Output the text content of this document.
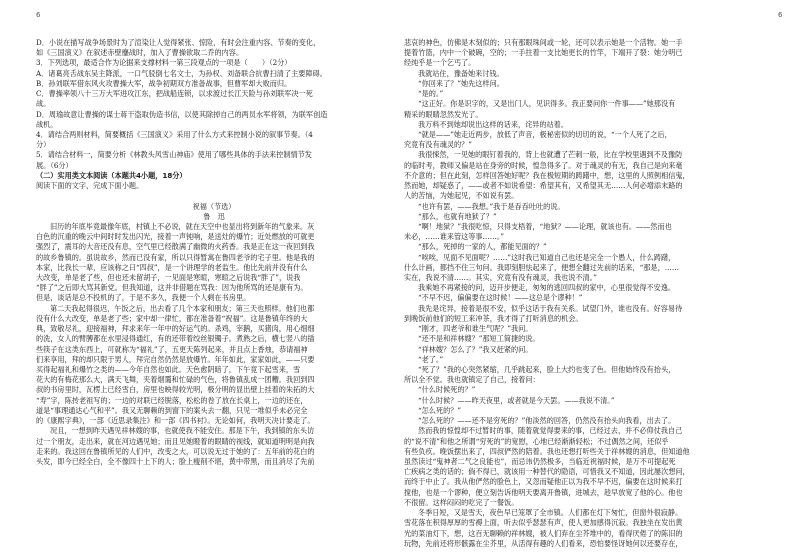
6	6
D．小说在描写战争场景时为了渲染让人觉得紧张、惊险，有时会注重内容、节奏的变化，
如《三国演义》在叙述赤壁鏖战时，加入了曹操欲取二乔的内容。
3．下列选项，最适合作为论据来支撑材料一第三段观点的一项是（　　）（2分）
A．诸葛亮舌战东吴主降派，一口气驳倒七名文士，为孙权、刘备联合抗曹扫清了主要障碍。
B．孙刘联军借东风火攻曹操大军，战争初期双方准备战事，但曹军却大败而归。
C．曹操率领八十三万大军进攻江东，把战船连锁，以求渡过长江天险与孙刘联军决一死
战。
D．周瑜故意让曹操的谋士蒋干盗取伪造书信，以使其除掉自己的两员水军将领，为联军创造
战机。
4．请结合两则材料，简要概括《三国演义》采用了什么方式来控制小说的叙事节奏。（4
分）
5．请结合材料一，简要分析《林教头风雪山神庙》使用了哪些具体的手法来控制情节发
展。（6分）
（二）实用类文本阅读（本题共4小题，18分）
阅读下面的文字，完成下面小题。
祝福（节选）
鲁　迅
旧历的年底毕竟最像年底，村镇上不必说，就在天空中也显出将到新年的气象来。灰
白色的沉重的晚云中间时时发出闪光，接着一声钝响，是送灶的爆竹；近处燃放的可就更
强烈了，震耳的大音还没有息，空气里已经散满了幽微的火药香。我是正在这一夜回到我
的故乡鲁镇的。虽说故乡，然而已没有家，所以只得暂寓在鲁四老爷的宅子里。他是我的
本家，比我长一辈，应该称之曰“四叔”，是一个讲理学的老监生。他比先前并没有什么
大改变，单是老了些，但也还未留胡子，一见面是寒暄，寒暄之后说我“胖了”，说我
“胖了”之后即大骂其新党。但我知道，这并非借题在骂我：因为他所骂的还是康有为。
但是，谈话是总不投机的了，于是不多久，我便一个人剩在书房里。
第二天我起得很迟，午饭之后，出去看了几个本家和朋友；第三天也照样。他们也都
没有什么大改变，单是老了些；家中却一律忙，都在准备着“祝福”。这是鲁镇年终的大
典，致敬尽礼，迎接福神，拜求来年一年中的好运气的。杀鸡，宰鹅，买猪肉，用心细细
的洗，女人的臂膊都在水里浸得通红，有的还带着绞丝银镯子。煮熟之后，横七竖八的插
些筷子在这类东西上，可就称为“福礼”了，五更天陈列起来，并且点上香烛，恭请福神
们来享用，拜的却只限于男人，拜完自然仍然是放爆竹。年年如此，家家如此，——只要
买得起福礼和爆竹之类的——今年自然也如此。天色愈阴暗了，下午竟下起雪来，雪
花大的有梅花那么大，满天飞舞，夹着烟霭和忙碌的气色，将鲁镇乱成一团糟。我回到四
叔的书房里时，瓦楞上已经雪白，房里也映得较光明，极分明的显出壁上挂着的朱拓的大
“寿”字，陈抟老祖写的；一边的对联已经脱落，松松的卷了放在长桌上，一边的还在，
道是“事理通达心气和平”。我又无聊赖的到窗下的案头去一翻，只见一堆似乎未必完全
的《康熙字典》，一部《近思录集注》和一部《四书衬》。无论如何，我明天决计要走了。
况且，一想到昨天遇见祥林嫂的事，也就使我不能安住。那是下午，我到镇的东头访
过一个朋友，走出来，就在河边遇见她；而且见她瞪着的眼睛的视线，就知道明明是向我
走来的。我这回在鲁镇所见的人们中，改变之大，可以说无过于她的了：五年前的花白的
头发，即今已经全白，全不像四十上下的人；脸上瘦削不堪，黄中带黑，而且消尽了先前
悲哀的神色，仿佛是木刻似的；只有那眼珠间或一轮，还可以表示她是一个活物。她一手
提着竹篮，内中一个破碗，空的；一手拄着一支比她更长的竹竿，下端开了裂：她分明已
经纯乎是一个乞丐了。
我就站住，豫备她来讨钱。
“你回来了？”她先这样问。
“是的。”
“这正好。你是识字的，又是出门人，见识得多。我正要问你一件事——”她那没有
精采的眼睛忽然发光了。
我万料不到她却说出这样的话来，诧异的站着。
“就是——”她走近两步，放低了声音，极秘密似的切切的说，“一个人死了之后，
究竟有没有魂灵的？”
我很悚然，一见她的眼钉着我的，背上也就遭了芒刺一般，比在学校里遇到不及豫防
的临时考，教师又偏是站在身旁的时候，惶急得多了。对于魂灵的有无，我自己是向来毫
不介意的；但在此刻，怎样回答她好呢？我在极短期的踌躇中，想，这里的人照例相信鬼，
然而她，却疑惑了，——或者不如说希望：希望其有，又希望其无……人何必增添末路的
人的苦恼，为她起见，不如说有罢。
“也许有罢，——我想。”我于是吞吞吐吐的说。
“那么，也就有地狱了？”
“啊！地狱？”我很吃惊，只得支梧着，“地狱？——论理，就该也有。——然而也
未必，……谁来管这等事……。”
“那么，死掉的一家的人，都能见面的？”
“唉唉，见面不见面呢？……”这时我已知道自己也还是完全一个愚人，什么踌躇，
什么计画，都挡不住三句问。我即刻胆怯起来了，便想全翻过先前的话来，“那是，……
实在，我说不清……。其实，究竟有没有魂灵，我也说不清。”
我乘她不再紧接的问，迈开步便走，匆匆的逃回四叔的家中，心里很觉得不安逸。
“不早不迟，偏偏要在这时候！——这总是个谬种！”
我先是诧异，接着是很不安，似乎这话于我有关系。试望门外，谁也没有。好容易待
到晚饭前他们的短工来冲茶，我才得了打听消息的机会。
“刚才，四老爷和谁生气呢？”我问。
“还不是和祥林嫂？”那短工简捷的说。
“祥林嫂？怎么了？”我又赶紧的问。
“老了。”
“死了？”我的心突然紧缩，几乎跳起来，脸上大约也变了色。但他始终没有抬头，
所以全不觉。我也就镇定了自己，接着问：
“什么时候死的？”
“什么时候？——昨天夜里，或者就是今天罢。——我说不清。”
“怎么死的？”
“怎么死的？——还不是穷死的？”他淡然的回答，仍然没有抬头向我看，出去了。
然而我的惊惶却不过暂时的事，随着就觉得要来的事，已经过去，并不必仰仗我自己
的“说不清”和他之所谓“穷死的”的宽慰，心地已经渐渐轻松；不过偶然之间，还似乎
有些负疚。晚饭摆出来了，四叔俨然的陪着。我也还想打听些关于祥林嫂的消息，但知道他
虽然读过“鬼神者二气之良能也”，而忌讳仍然极多，当临近祝福时候，是万不可提起死
亡疾病之类的话的；倘不得已，就该用一种替代的隐语，可惜我又不知道，因此屡次想问，
而终于中止了。我从他俨然的脸色上，又忽而疑他正以为我不早不迟，偏要在这时候来打
搅他，也是一个谬种，便立刻告诉他明天要离开鲁镇，进城去，趁早放宽了他的心。他也
不很留。这样闷闷的吃完了一餐饭。
冬季日短，又是雪天，夜色早已笼罩了全市镇。人们都在灯下匆忙，但窗外很寂静。
雪花落在积得厚厚的雪褥上面，听去似乎瑟瑟有声，使人更加感得沉寂。我独坐在发出黄
光的菜油灯下，想，这百无聊赖的祥林嫂，被人们弃在尘芥堆中的，看得厌倦了的陈旧的
玩物，先前还将形骸露在尘芥里，从活得有趣的人们看来，恐怕要怪讶她何以还要存在，
